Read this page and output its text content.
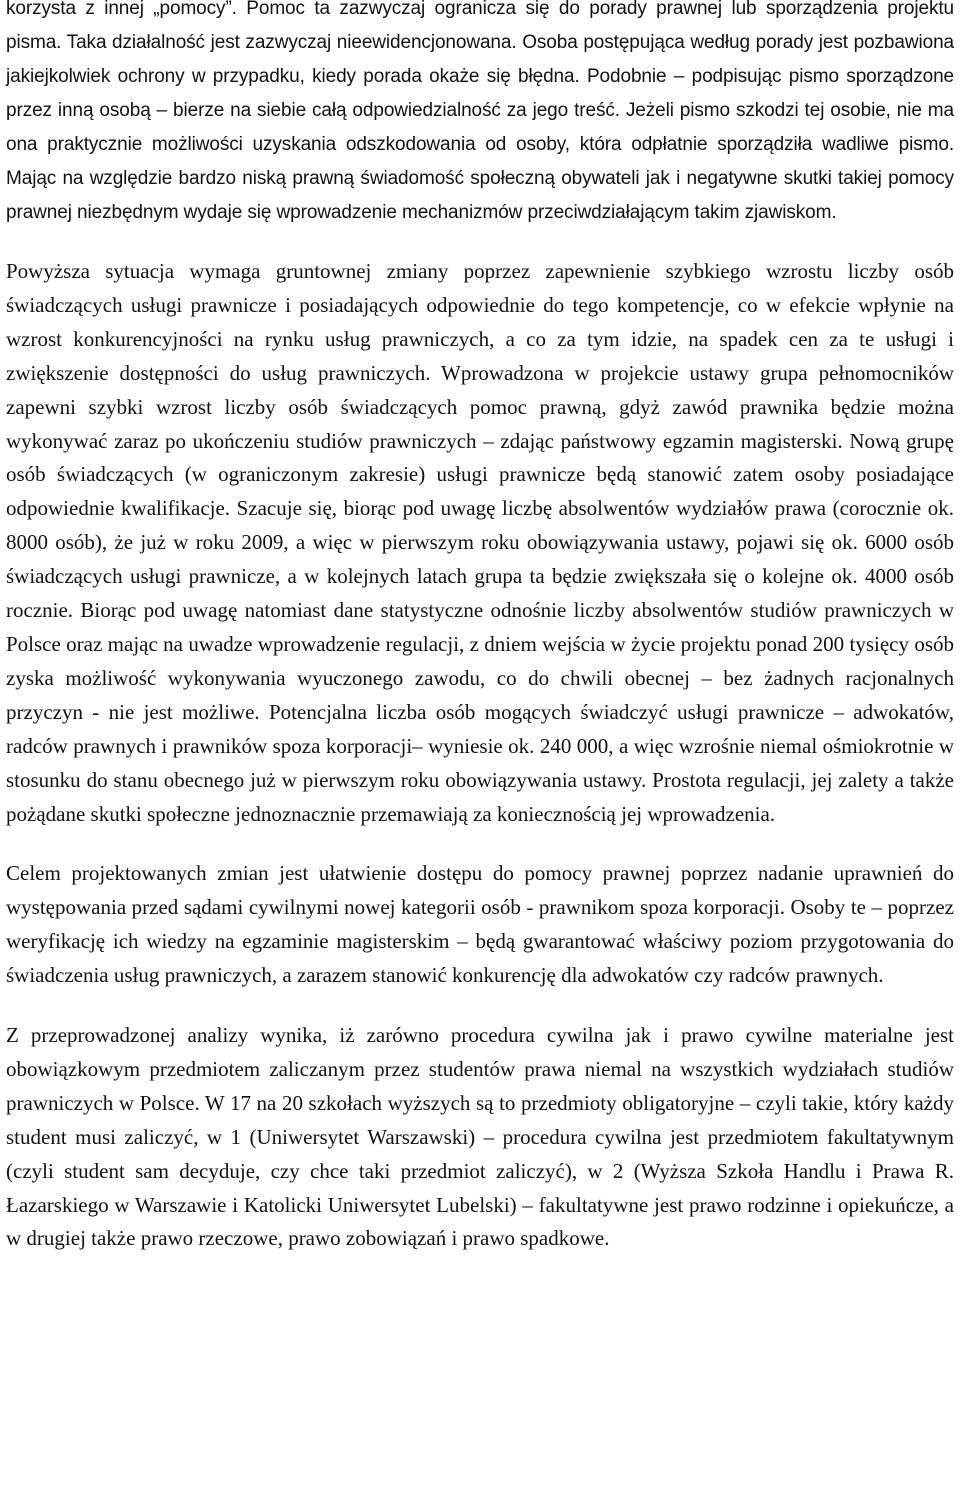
korzysta z innej „pomocy”. Pomoc ta zazwyczaj ogranicza się do porady prawnej lub sporządzenia projektu pisma. Taka działalność jest zazwyczaj nieewidencjonowana. Osoba postępująca według porady jest pozbawiona jakiejkolwiek ochrony w przypadku, kiedy porada okaże się błędna. Podobnie – podpisując pismo sporządzone przez inną osobą – bierze na siebie całą odpowiedzialność za jego treść. Jeżeli pismo szkodzi tej osobie, nie ma ona praktycznie możliwości uzyskania odszkodowania od osoby, która odpłatnie sporządziła wadliwe pismo. Mając na względzie bardzo niską prawną świadomość społeczną obywateli jak i negatywne skutki takiej pomocy prawnej niezbędnym wydaje się wprowadzenie mechanizmów przeciwdziałającym takim zjawiskom.

Powyższa sytuacja wymaga gruntownej zmiany poprzez zapewnienie szybkiego wzrostu liczby osób świadczących usługi prawnicze i posiadających odpowiednie do tego kompetencje, co w efekcie wpłynie na wzrost konkurencyjności na rynku usług prawniczych, a co za tym idzie, na spadek cen za te usługi i zwiększenie dostępności do usług prawniczych. Wprowadzona w projekcie ustawy grupa pełnomocników zapewni szybki wzrost liczby osób świadczących pomoc prawną, gdyż zawód prawnika będzie można wykonywać zaraz po ukończeniu studiów prawniczych – zdając państwowy egzamin magisterski. Nową grupę osób świadczących (w ograniczonym zakresie) usługi prawnicze będą stanowić zatem osoby posiadające odpowiednie kwalifikacje. Szacuje się, biorąc pod uwagę liczbę absolwentów wydziałów prawa (corocznie ok. 8000 osób), że już w roku 2009, a więc w pierwszym roku obowiązywania ustawy, pojawi się ok. 6000 osób świadczących usługi prawnicze, a w kolejnych latach grupa ta będzie zwiększała się o kolejne ok. 4000 osób rocznie. Biorąc pod uwagę natomiast dane statystyczne odnośnie liczby absolwentów studiów prawniczych w Polsce oraz mając na uwadze wprowadzenie regulacji, z dniem wejścia w życie projektu ponad 200 tysięcy osób zyska możliwość wykonywania wyuczonego zawodu, co do chwili obecnej – bez żadnych racjonalnych przyczyn - nie jest możliwe. Potencjalna liczba osób mogących świadczyć usługi prawnicze – adwokatów, radców prawnych i prawników spoza korporacji– wyniesie ok. 240 000, a więc wzrośnie niemal ośmiokrotnie w stosunku do stanu obecnego już w pierwszym roku obowiązywania ustawy. Prostota regulacji, jej zalety a także pożądane skutki społeczne jednoznacznie przemawiają za koniecznością jej wprowadzenia.

Celem projektowanych zmian jest ułatwienie dostępu do pomocy prawnej poprzez nadanie uprawnień do występowania przed sądami cywilnymi nowej kategorii osób - prawnikom spoza korporacji. Osoby te – poprzez weryfikację ich wiedzy na egzaminie magisterskim – będą gwarantować właściwy poziom przygotowania do świadczenia usług prawniczych, a zarazem stanowić konkurencję dla adwokatów czy radców prawnych.

Z przeprowadzonej analizy wynika, iż zarówno procedura cywilna jak i prawo cywilne materialne jest obowiązkowym przedmiotem zaliczanym przez studentów prawa niemal na wszystkich wydziałach studiów prawniczych w Polsce. W 17 na 20 szkołach wyższych są to przedmioty obligatoryjne – czyli takie, który każdy student musi zaliczyć, w 1 (Uniwersytet Warszawski) – procedura cywilna jest przedmiotem fakultatywnym (czyli student sam decyduje, czy chce taki przedmiot zaliczyć), w 2 (Wyższa Szkoła Handlu i Prawa R. Łazarskiego w Warszawie i Katolicki Uniwersytet Lubelski) – fakultatywne jest prawo rodzinne i opiekuńcze, a w drugiej także prawo rzeczowe, prawo zobowiązań i prawo spadkowe.
